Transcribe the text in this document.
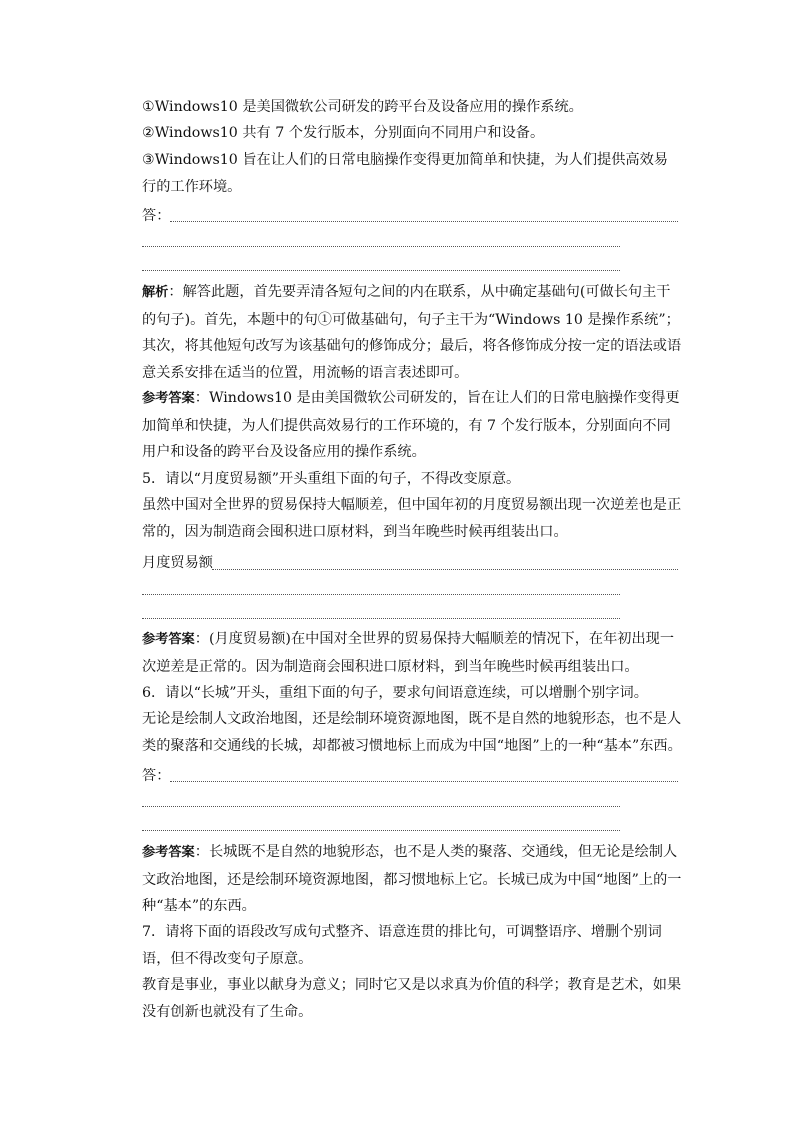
①Windows10 是美国微软公司研发的跨平台及设备应用的操作系统。

②Windows10 共有 7 个发行版本，分别面向不同用户和设备。

③Windows10 旨在让人们的日常电脑操作变得更加简单和快捷，为人们提供高效易行的工作环境。

答：

解析：解答此题，首先要弄清各短句之间的内在联系，从中确定基础句(可做长句主干的句子)。首先，本题中的句①可做基础句，句子主干为“Windows 10 是操作系统”；其次，将其他短句改写为该基础句的修饰成分；最后，将各修饰成分按一定的语法或语意关系安排在适当的位置，用流畅的语言表述即可。

参考答案：Windows10 是由美国微软公司研发的，旨在让人们的日常电脑操作变得更加简单和快捷，为人们提供高效易行的工作环境的，有 7 个发行版本，分别面向不同用户和设备的跨平台及设备应用的操作系统。

5．请以“月度贸易额”开头重组下面的句子，不得改变原意。

虽然中国对全世界的贸易保持大幅顺差，但中国年初的月度贸易额出现一次逆差也是正常的，因为制造商会囤积进口原材料，到当年晚些时候再组装出口。

月度贸易额

参考答案：(月度贸易额)在中国对全世界的贸易保持大幅顺差的情况下，在年初出现一次逆差是正常的。因为制造商会囤积进口原材料，到当年晚些时候再组装出口。

6．请以“长城”开头，重组下面的句子，要求句间语意连续，可以增删个别字词。

无论是绘制人文政治地图，还是绘制环境资源地图，既不是自然的地貌形态，也不是人类的聚落和交通线的长城，却都被习惯地标上而成为中国“地图”上的一种“基本”东西。

答：

参考答案：长城既不是自然的地貌形态，也不是人类的聚落、交通线，但无论是绘制人文政治地图，还是绘制环境资源地图，都习惯地标上它。长城已成为中国“地图”上的一种“基本”的东西。

7．请将下面的语段改写成句式整齐、语意连贯的排比句，可调整语序、增删个别词语，但不得改变句子原意。

教育是事业，事业以献身为意义；同时它又是以求真为价值的科学；教育是艺术，如果没有创新也就没有了生命。
